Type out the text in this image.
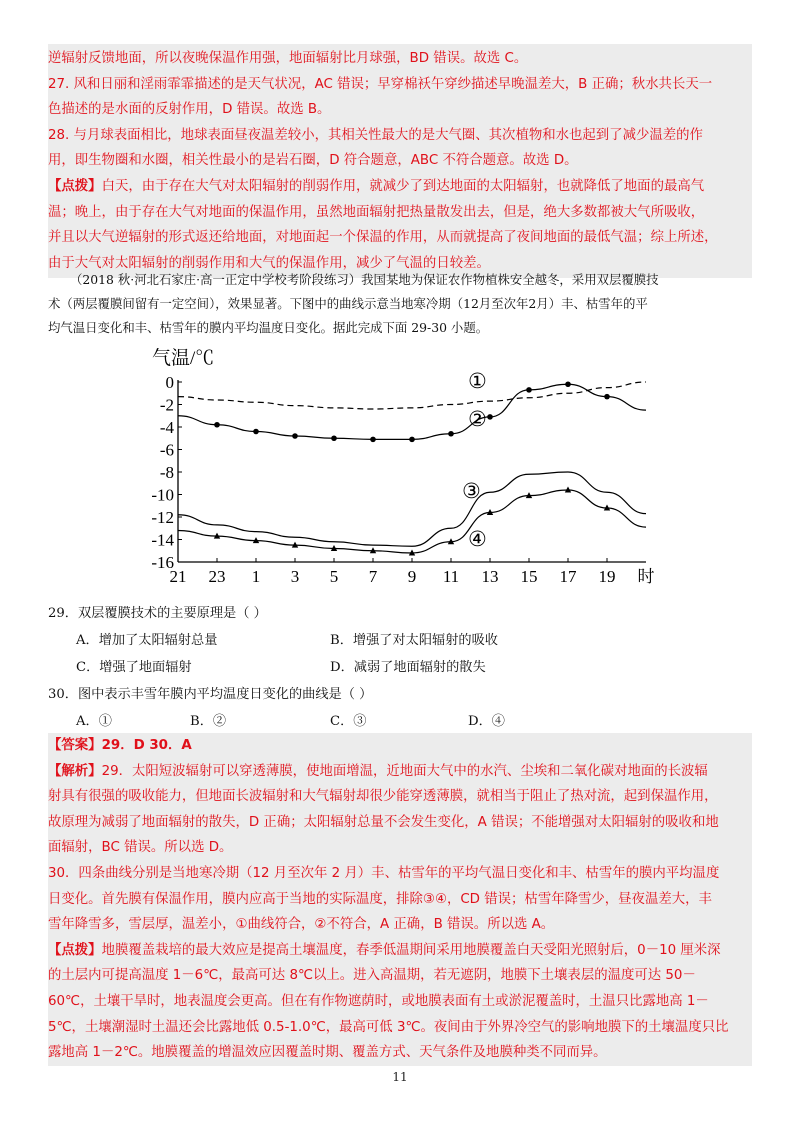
逆辐射反馈地面，所以夜晚保温作用强，地面辐射比月球强，BD 错误。故选 C。

27. 风和日丽和淫雨霏霏描述的是天气状况，AC 错误；早穿棉袄午穿纱描述早晚温差大，B 正确；秋水共长天一

色描述的是水面的反射作用，D 错误。故选 B。

28. 与月球表面相比，地球表面昼夜温差较小，其相关性最大的是大气圈、其次植物和水也起到了减少温差的作

用，即生物圈和水圈，相关性最小的是岩石圈，D 符合题意，ABC 不符合题意。故选 D。

【点拨】白天，由于存在大气对太阳辐射的削弱作用，就减少了到达地面的太阳辐射，也就降低了地面的最高气

温；晚上，由于存在大气对地面的保温作用，虽然地面辐射把热量散发出去，但是，绝大多数都被大气所吸收，

并且以大气逆辐射的形式返还给地面，对地面起一个保温的作用，从而就提高了夜间地面的最低气温；综上所述，

由于大气对太阳辐射的削弱作用和大气的保温作用，减少了气温的日较差。

（2018 秋·河北石家庄·高一正定中学校考阶段练习）我国某地为保证农作物植株安全越冬，采用双层覆膜技
术（两层覆膜间留有一定空间），效果显著。下图中的曲线示意当地寒冷期（12月至次年2月）丰、枯雪年的平
均气温日变化和丰、枯雪年的膜内平均温度日变化。据此完成下面 29-30 小题。
0
-2
-4
-6
-8
-10
-12
-14
-16
21 23 1 3 5 7 9 11 13 15 17 19 时
气温/℃
①
②
③
④
29．双层覆膜技术的主要原理是（ ）
A．增加了太阳辐射总量	B．增强了对太阳辐射的吸收
C．增强了地面辐射	D．减弱了地面辐射的散失
30．图中表示丰雪年膜内平均温度日变化的曲线是（ ）
A．①	B．②	C．③	D．④

【答案】29．D 30．A

【解析】29．太阳短波辐射可以穿透薄膜，使地面增温，近地面大气中的水汽、尘埃和二氧化碳对地面的长波辐

射具有很强的吸收能力，但地面长波辐射和大气辐射却很少能穿透薄膜，就相当于阻止了热对流，起到保温作用，

故原理为减弱了地面辐射的散失，D 正确；太阳辐射总量不会发生变化，A 错误；不能增强对太阳辐射的吸收和地

面辐射，BC 错误。所以选 D。

30．四条曲线分别是当地寒冷期（12 月至次年 2 月）丰、枯雪年的平均气温日变化和丰、枯雪年的膜内平均温度

日变化。首先膜有保温作用，膜内应高于当地的实际温度，排除③④，CD 错误；枯雪年降雪少，昼夜温差大，丰

雪年降雪多，雪层厚，温差小，①曲线符合，②不符合，A 正确，B 错误。所以选 A。

【点拨】地膜覆盖栽培的最大效应是提高土壤温度，春季低温期间采用地膜覆盖白天受阳光照射后，0－10 厘米深

的土层内可提高温度 1－6℃，最高可达 8℃以上。进入高温期，若无遮阴，地膜下土壤表层的温度可达 50－

60℃，土壤干旱时，地表温度会更高。但在有作物遮荫时，或地膜表面有土或淤泥覆盖时，土温只比露地高 1－

5℃，土壤潮湿时土温还会比露地低 0.5-1.0℃，最高可低 3℃。夜间由于外界冷空气的影响地膜下的土壤温度只比

露地高 1－2℃。地膜覆盖的增温效应因覆盖时期、覆盖方式、天气条件及地膜种类不同而异。

11
